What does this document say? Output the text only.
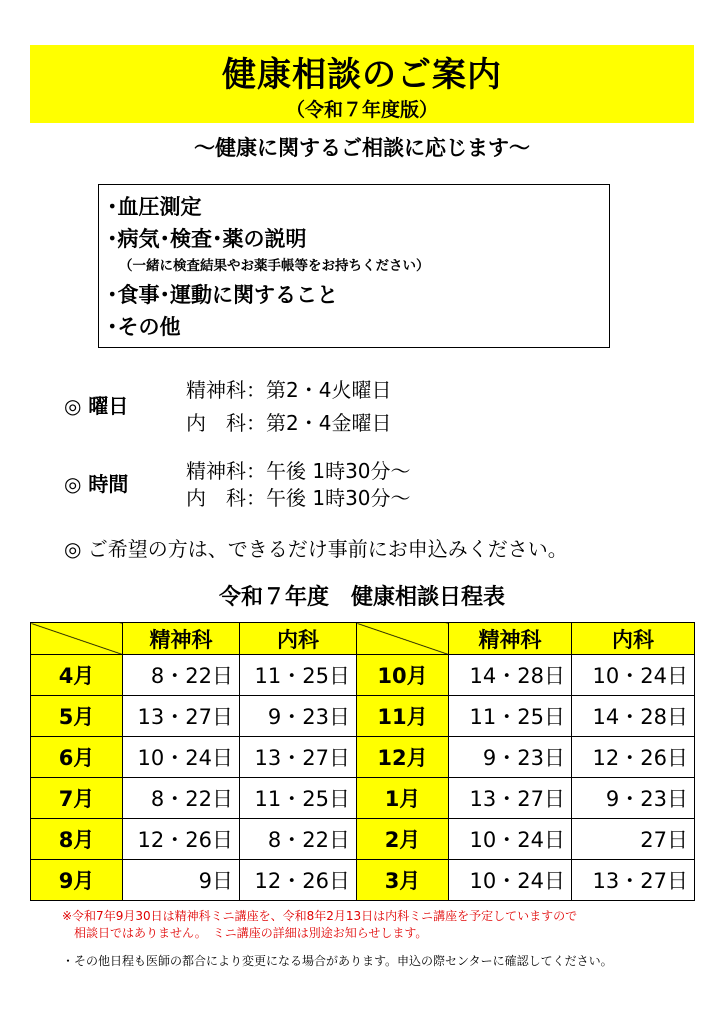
健康相談のご案内
（令和７年度版）
～健康に関するご相談に応じます～
･血圧測定
･病気･検査･薬の説明
（一緒に検査結果やお薬手帳等をお持ちください）
･食事･運動に関すること
･その他
◎ 曜日
精神科：第2・4火曜日
内　科：第2・4金曜日
◎ 時間
精神科：午後 1時30分～
内　科：午後 1時30分～
◎ ご希望の方は、できるだけ事前にお申込みください。
令和７年度　健康相談日程表
	精神科	内科		精神科	内科
4月	8・22日	11・25日	10月	14・28日	10・24日
5月	13・27日	9・23日	11月	11・25日	14・28日
6月	10・24日	13・27日	12月	9・23日	12・26日
7月	8・22日	11・25日	1月	13・27日	9・23日
8月	12・26日	8・22日	2月	10・24日	27日
9月	9日	12・26日	3月	10・24日	13・27日
※令和7年9月30日は精神科ミニ講座を、令和8年2月13日は内科ミニ講座を予定していますので
　相談日ではありません。　ミニ講座の詳細は別途お知らせします。
・その他日程も医師の都合により変更になる場合があります。申込の際センターに確認してください。
